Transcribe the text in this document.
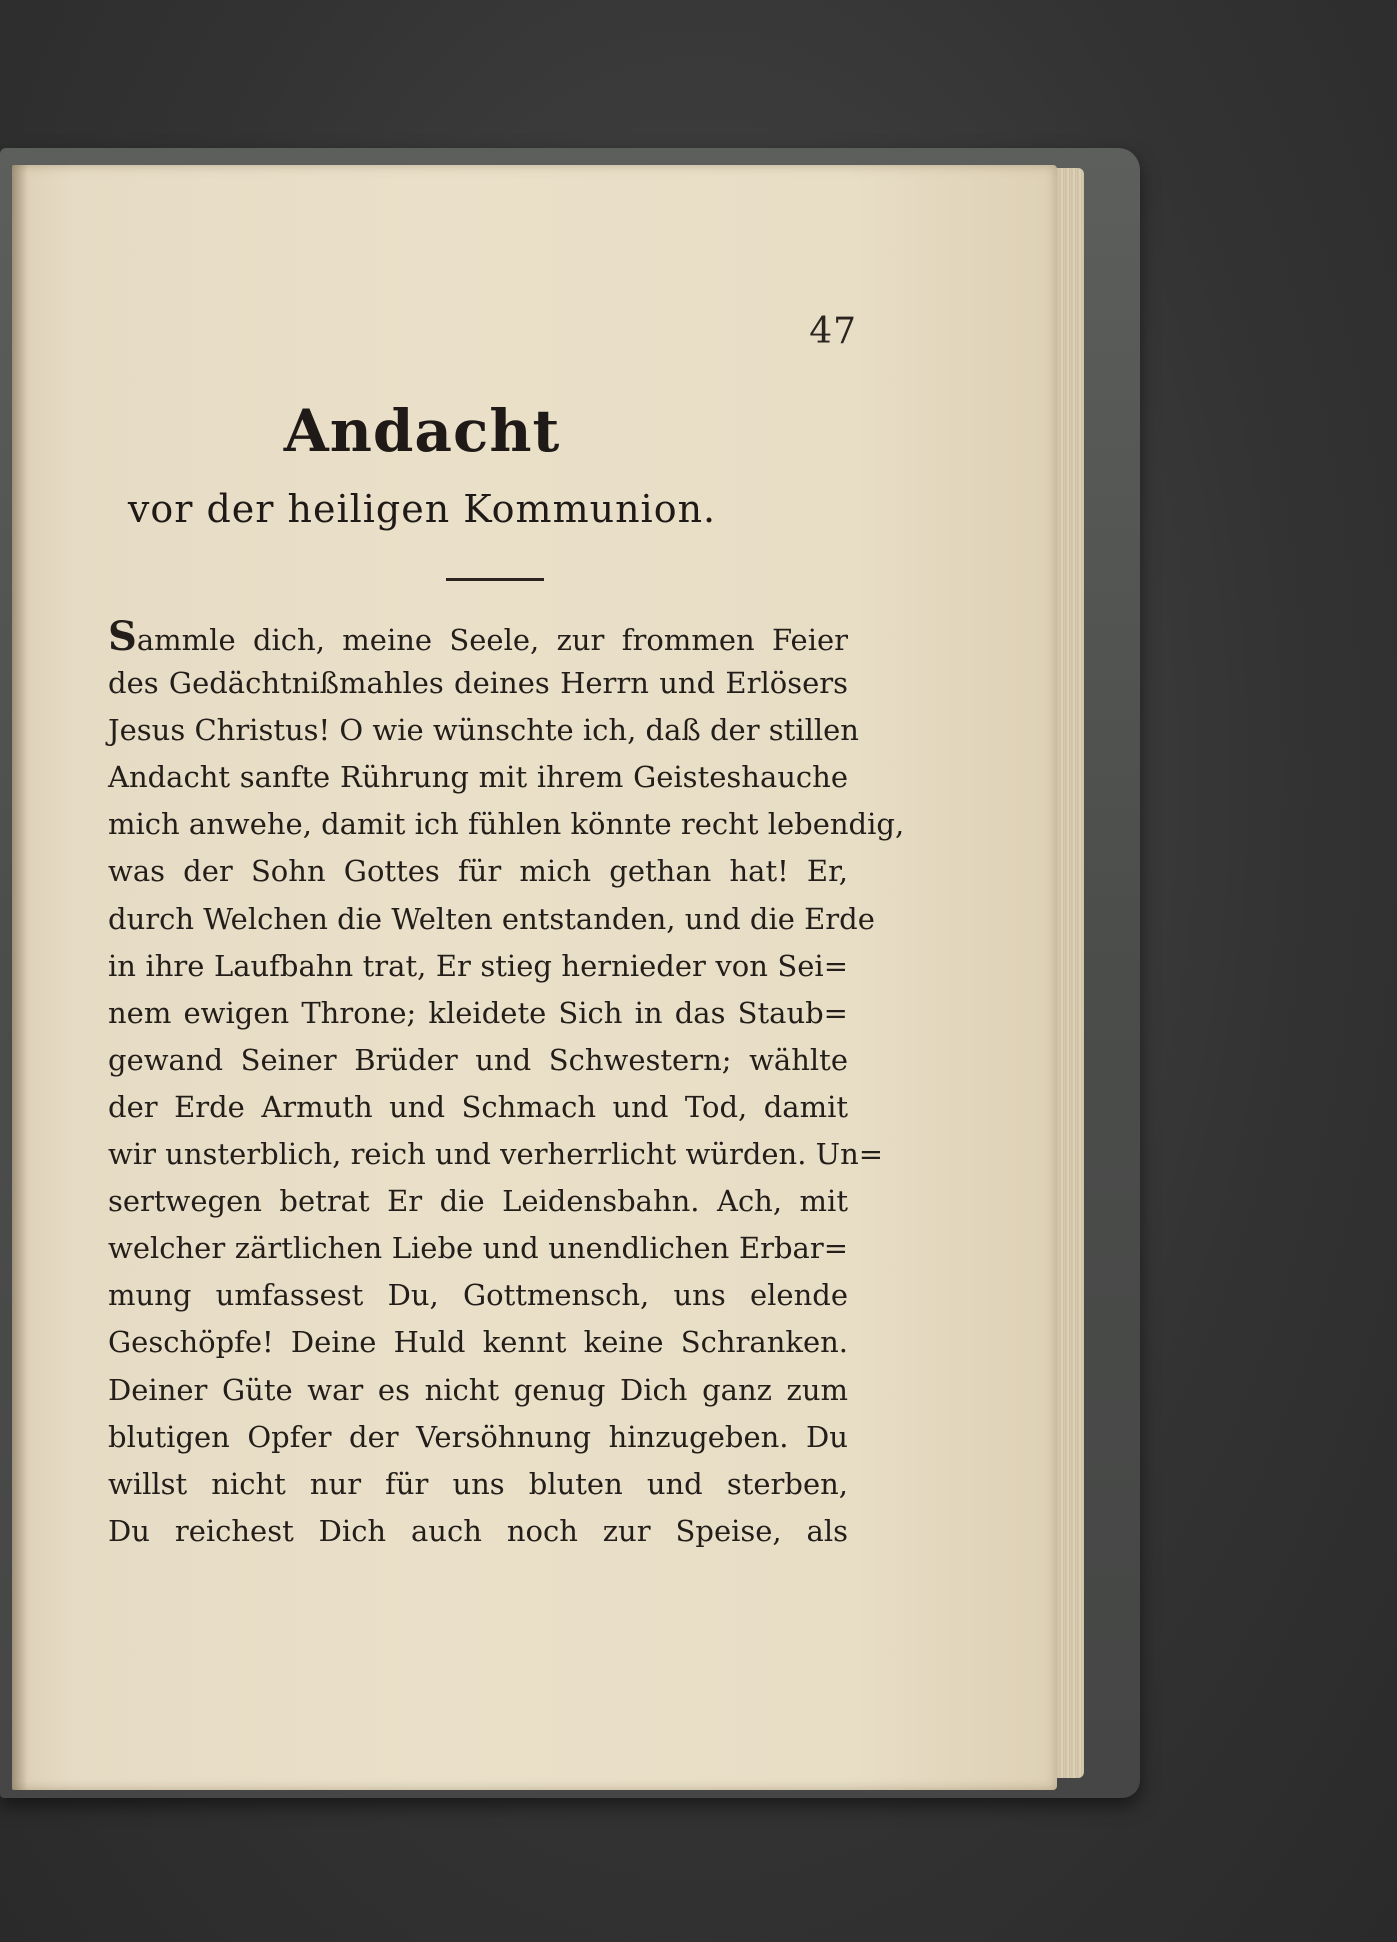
47
Andacht
vor der heiligen Kommunion.
Sammle dich, meine Seele, zur frommen Feier
des Gedächtnißmahles deines Herrn und Erlösers
Jesus Christus! O wie wünschte ich, daß der stillen
Andacht sanfte Rührung mit ihrem Geisteshauche
mich anwehe, damit ich fühlen könnte recht lebendig,
was der Sohn Gottes für mich gethan hat! Er,
durch Welchen die Welten entstanden, und die Erde
in ihre Laufbahn trat, Er stieg hernieder von Sei=
nem ewigen Throne; kleidete Sich in das Staub=
gewand Seiner Brüder und Schwestern; wählte
der Erde Armuth und Schmach und Tod, damit
wir unsterblich, reich und verherrlicht würden. Un=
sertwegen betrat Er die Leidensbahn. Ach, mit
welcher zärtlichen Liebe und unendlichen Erbar=
mung umfassest Du, Gottmensch, uns elende
Geschöpfe! Deine Huld kennt keine Schranken.
Deiner Güte war es nicht genug Dich ganz zum
blutigen Opfer der Versöhnung hinzugeben. Du
willst nicht nur für uns bluten und sterben,
Du reichest Dich auch noch zur Speise, als
